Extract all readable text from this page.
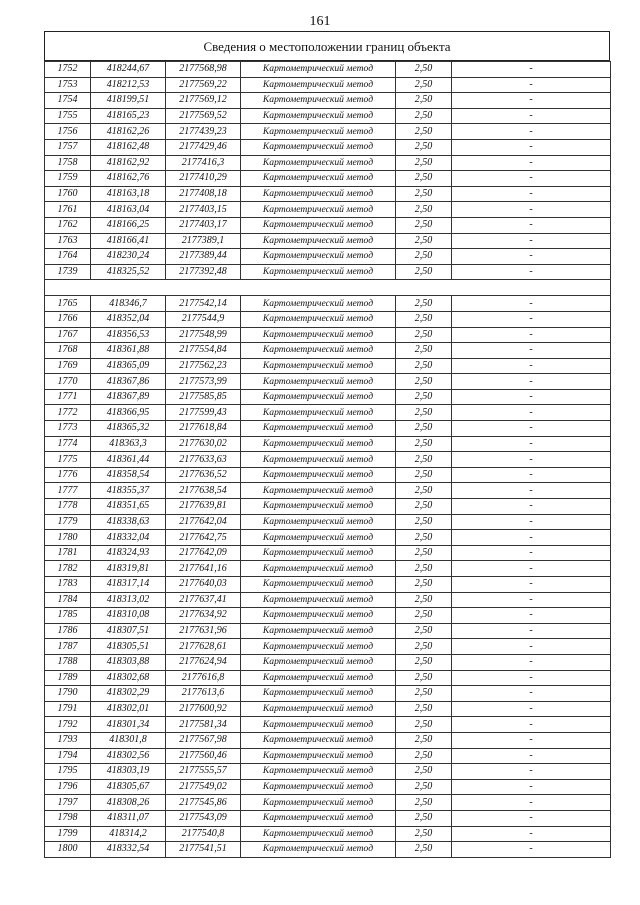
161
Сведения о местоположении границ объекта
1752	418244,67	2177568,98	Картометрический метод	2,50	-
1753	418212,53	2177569,22	Картометрический метод	2,50	-
1754	418199,51	2177569,12	Картометрический метод	2,50	-
1755	418165,23	2177569,52	Картометрический метод	2,50	-
1756	418162,26	2177439,23	Картометрический метод	2,50	-
1757	418162,48	2177429,46	Картометрический метод	2,50	-
1758	418162,92	2177416,3	Картометрический метод	2,50	-
1759	418162,76	2177410,29	Картометрический метод	2,50	-
1760	418163,18	2177408,18	Картометрический метод	2,50	-
1761	418163,04	2177403,15	Картометрический метод	2,50	-
1762	418166,25	2177403,17	Картометрический метод	2,50	-
1763	418166,41	2177389,1	Картометрический метод	2,50	-
1764	418230,24	2177389,44	Картометрический метод	2,50	-
1739	418325,52	2177392,48	Картометрический метод	2,50	-

1765	418346,7	2177542,14	Картометрический метод	2,50	-
1766	418352,04	2177544,9	Картометрический метод	2,50	-
1767	418356,53	2177548,99	Картометрический метод	2,50	-
1768	418361,88	2177554,84	Картометрический метод	2,50	-
1769	418365,09	2177562,23	Картометрический метод	2,50	-
1770	418367,86	2177573,99	Картометрический метод	2,50	-
1771	418367,89	2177585,85	Картометрический метод	2,50	-
1772	418366,95	2177599,43	Картометрический метод	2,50	-
1773	418365,32	2177618,84	Картометрический метод	2,50	-
1774	418363,3	2177630,02	Картометрический метод	2,50	-
1775	418361,44	2177633,63	Картометрический метод	2,50	-
1776	418358,54	2177636,52	Картометрический метод	2,50	-
1777	418355,37	2177638,54	Картометрический метод	2,50	-
1778	418351,65	2177639,81	Картометрический метод	2,50	-
1779	418338,63	2177642,04	Картометрический метод	2,50	-
1780	418332,04	2177642,75	Картометрический метод	2,50	-
1781	418324,93	2177642,09	Картометрический метод	2,50	-
1782	418319,81	2177641,16	Картометрический метод	2,50	-
1783	418317,14	2177640,03	Картометрический метод	2,50	-
1784	418313,02	2177637,41	Картометрический метод	2,50	-
1785	418310,08	2177634,92	Картометрический метод	2,50	-
1786	418307,51	2177631,96	Картометрический метод	2,50	-
1787	418305,51	2177628,61	Картометрический метод	2,50	-
1788	418303,88	2177624,94	Картометрический метод	2,50	-
1789	418302,68	2177616,8	Картометрический метод	2,50	-
1790	418302,29	2177613,6	Картометрический метод	2,50	-
1791	418302,01	2177600,92	Картометрический метод	2,50	-
1792	418301,34	2177581,34	Картометрический метод	2,50	-
1793	418301,8	2177567,98	Картометрический метод	2,50	-
1794	418302,56	2177560,46	Картометрический метод	2,50	-
1795	418303,19	2177555,57	Картометрический метод	2,50	-
1796	418305,67	2177549,02	Картометрический метод	2,50	-
1797	418308,26	2177545,86	Картометрический метод	2,50	-
1798	418311,07	2177543,09	Картометрический метод	2,50	-
1799	418314,2	2177540,8	Картометрический метод	2,50	-
1800	418332,54	2177541,51	Картометрический метод	2,50	-
